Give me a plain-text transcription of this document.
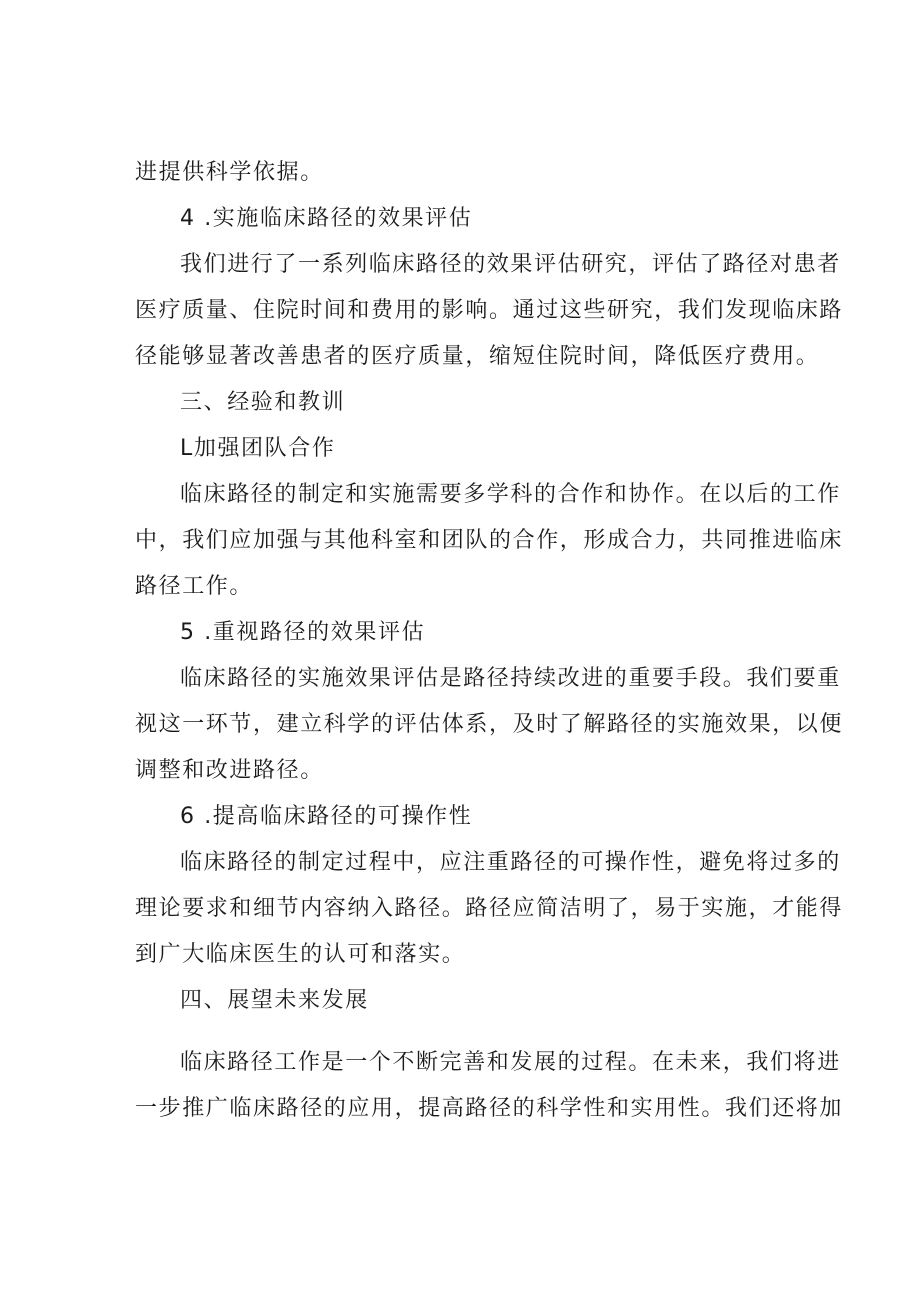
进提供科学依据。

4 .实施临床路径的效果评估

我们进行了一系列临床路径的效果评估研究，评估了路径对患者

医疗质量、住院时间和费用的影响。通过这些研究，我们发现临床路

径能够显著改善患者的医疗质量，缩短住院时间，降低医疗费用。

三、经验和教训

L加强团队合作

临床路径的制定和实施需要多学科的合作和协作。在以后的工作

中，我们应加强与其他科室和团队的合作，形成合力，共同推进临床

路径工作。

5 .重视路径的效果评估

临床路径的实施效果评估是路径持续改进的重要手段。我们要重

视这一环节，建立科学的评估体系，及时了解路径的实施效果，以便

调整和改进路径。

6 .提高临床路径的可操作性

临床路径的制定过程中，应注重路径的可操作性，避免将过多的

理论要求和细节内容纳入路径。路径应简洁明了，易于实施，才能得

到广大临床医生的认可和落实。

四、展望未来发展

临床路径工作是一个不断完善和发展的过程。在未来，我们将进

一步推广临床路径的应用，提高路径的科学性和实用性。我们还将加
